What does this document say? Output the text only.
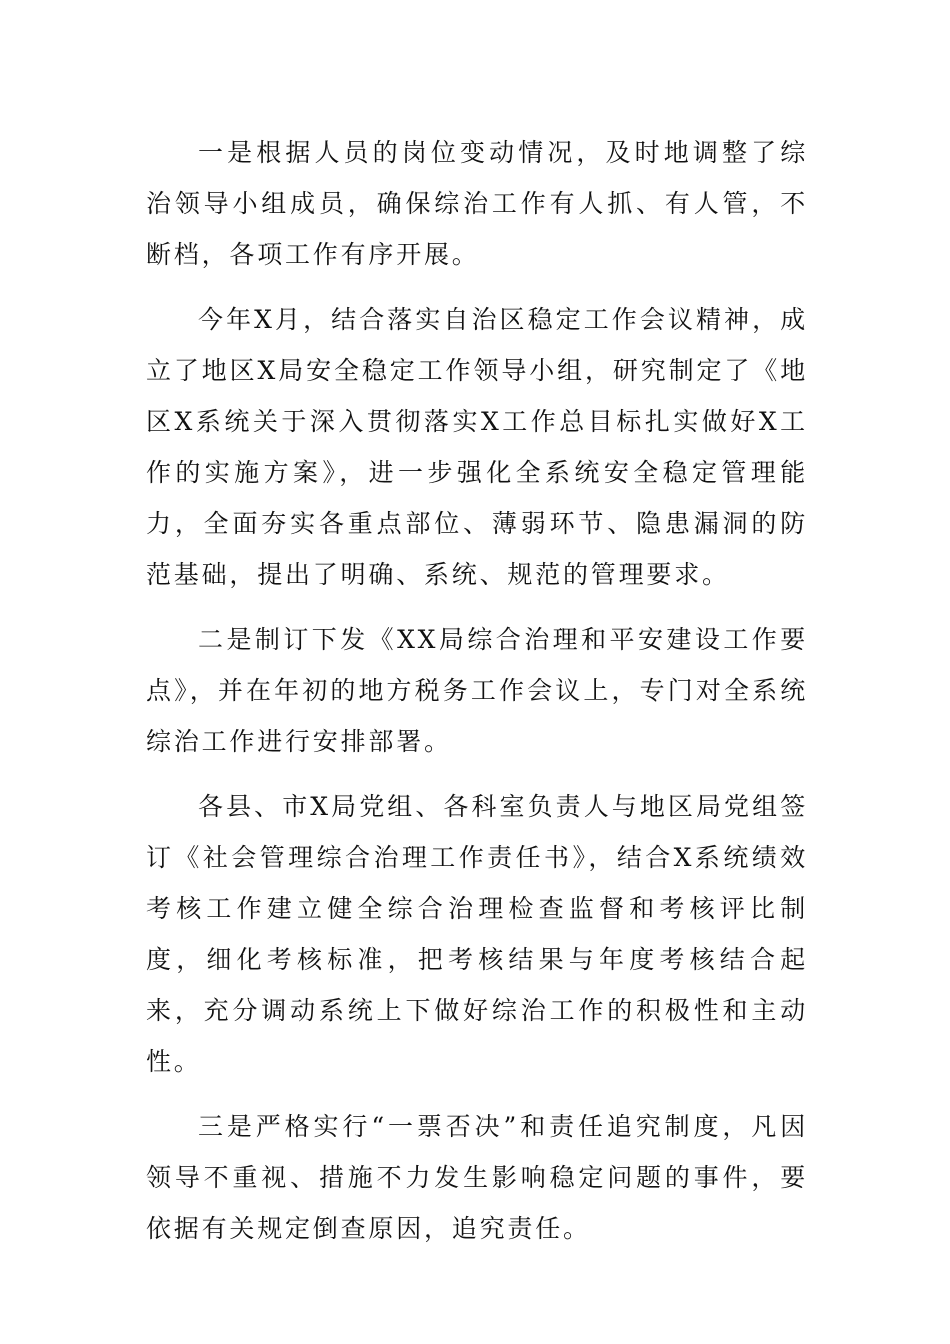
一是根据人员的岗位变动情况，及时地调整了综治领导小组成员，确保综治工作有人抓、有人管，不断档，各项工作有序开展。

今年X月，结合落实自治区稳定工作会议精神，成立了地区X局安全稳定工作领导小组，研究制定了《地区X系统关于深入贯彻落实X工作总目标扎实做好X工作的实施方案》，进一步强化全系统安全稳定管理能力，全面夯实各重点部位、薄弱环节、隐患漏洞的防范基础，提出了明确、系统、规范的管理要求。

二是制订下发《XX局综合治理和平安建设工作要点》，并在年初的地方税务工作会议上，专门对全系统综治工作进行安排部署。

各县、市X局党组、各科室负责人与地区局党组签订《社会管理综合治理工作责任书》，结合X系统绩效考核工作建立健全综合治理检查监督和考核评比制度，细化考核标准，把考核结果与年度考核结合起来，充分调动系统上下做好综治工作的积极性和主动性。

三是严格实行“一票否决”和责任追究制度，凡因领导不重视、措施不力发生影响稳定问题的事件，要依据有关规定倒查原因，追究责任。
